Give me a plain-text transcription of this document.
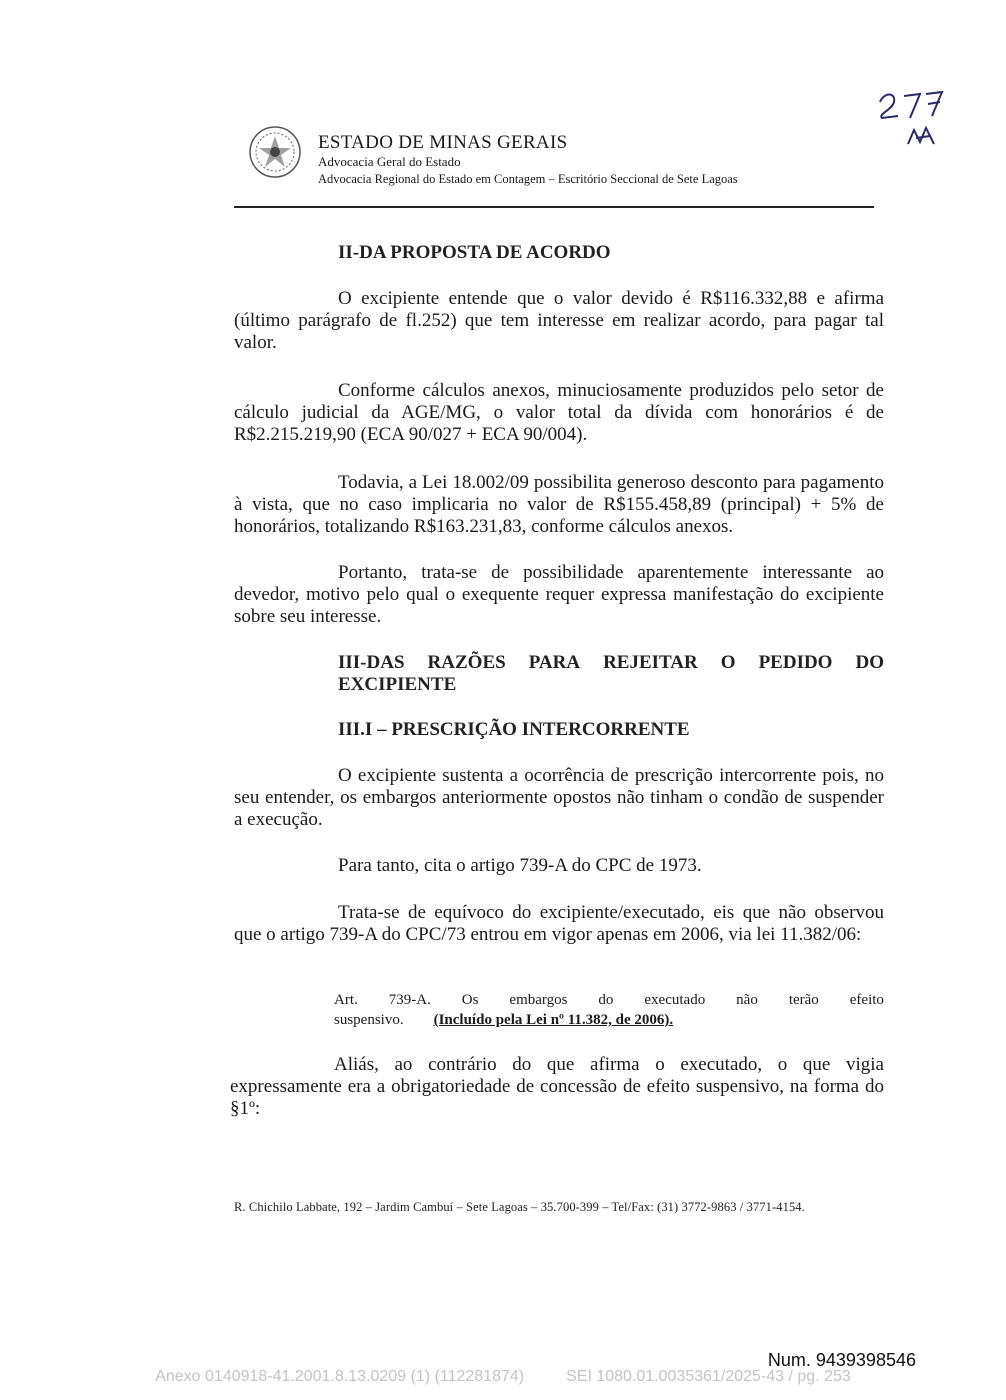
ESTADO DE MINAS GERAIS
Advocacia Geral do Estado
Advocacia Regional do Estado em Contagem – Escritório Seccional de Sete Lagoas
II-DA PROPOSTA DE ACORDO
O excipiente entende que o valor devido é R$116.332,88 e afirma (último parágrafo de fl.252) que tem interesse em realizar acordo, para pagar tal valor.
Conforme cálculos anexos, minuciosamente produzidos pelo setor de cálculo judicial da AGE/MG, o valor total da dívida com honorários é de R$2.215.219,90 (ECA 90/027 + ECA 90/004).
Todavia, a Lei 18.002/09 possibilita generoso desconto para pagamento à vista, que no caso implicaria no valor de R$155.458,89 (principal) + 5% de honorários, totalizando R$163.231,83, conforme cálculos anexos.
Portanto, trata-se de possibilidade aparentemente interessante ao devedor, motivo pelo qual o exequente requer expressa manifestação do excipiente sobre seu interesse.
III-DAS RAZÕES PARA REJEITAR O PEDIDO DO
EXCIPIENTE
III.I – PRESCRIÇÃO INTERCORRENTE
O excipiente sustenta a ocorrência de prescrição intercorrente pois, no seu entender, os embargos anteriormente opostos não tinham o condão de suspender a execução.
Para tanto, cita o artigo 739-A do CPC de 1973.
Trata-se de equívoco do excipiente/executado, eis que não observou que o artigo 739-A do CPC/73 entrou em vigor apenas em 2006, via lei 11.382/06:
Art. 739-A. Os embargos do executado não terão efeito
suspensivo. (Incluído pela Lei nº 11.382, de 2006).
Aliás, ao contrário do que afirma o executado, o que vigia expressamente era a obrigatoriedade de concessão de efeito suspensivo, na forma do §1º:
R. Chichilo Labbate, 192 – Jardim Cambuí – Sete Lagoas – 35.700-399 – Tel/Fax: (31) 3772-9863 / 3771-4154.
Num. 9439398546
Anexo 0140918-41.2001.8.13.0209 (1) (112281874)	SEI 1080.01.0035361/2025-43 / pg. 253
